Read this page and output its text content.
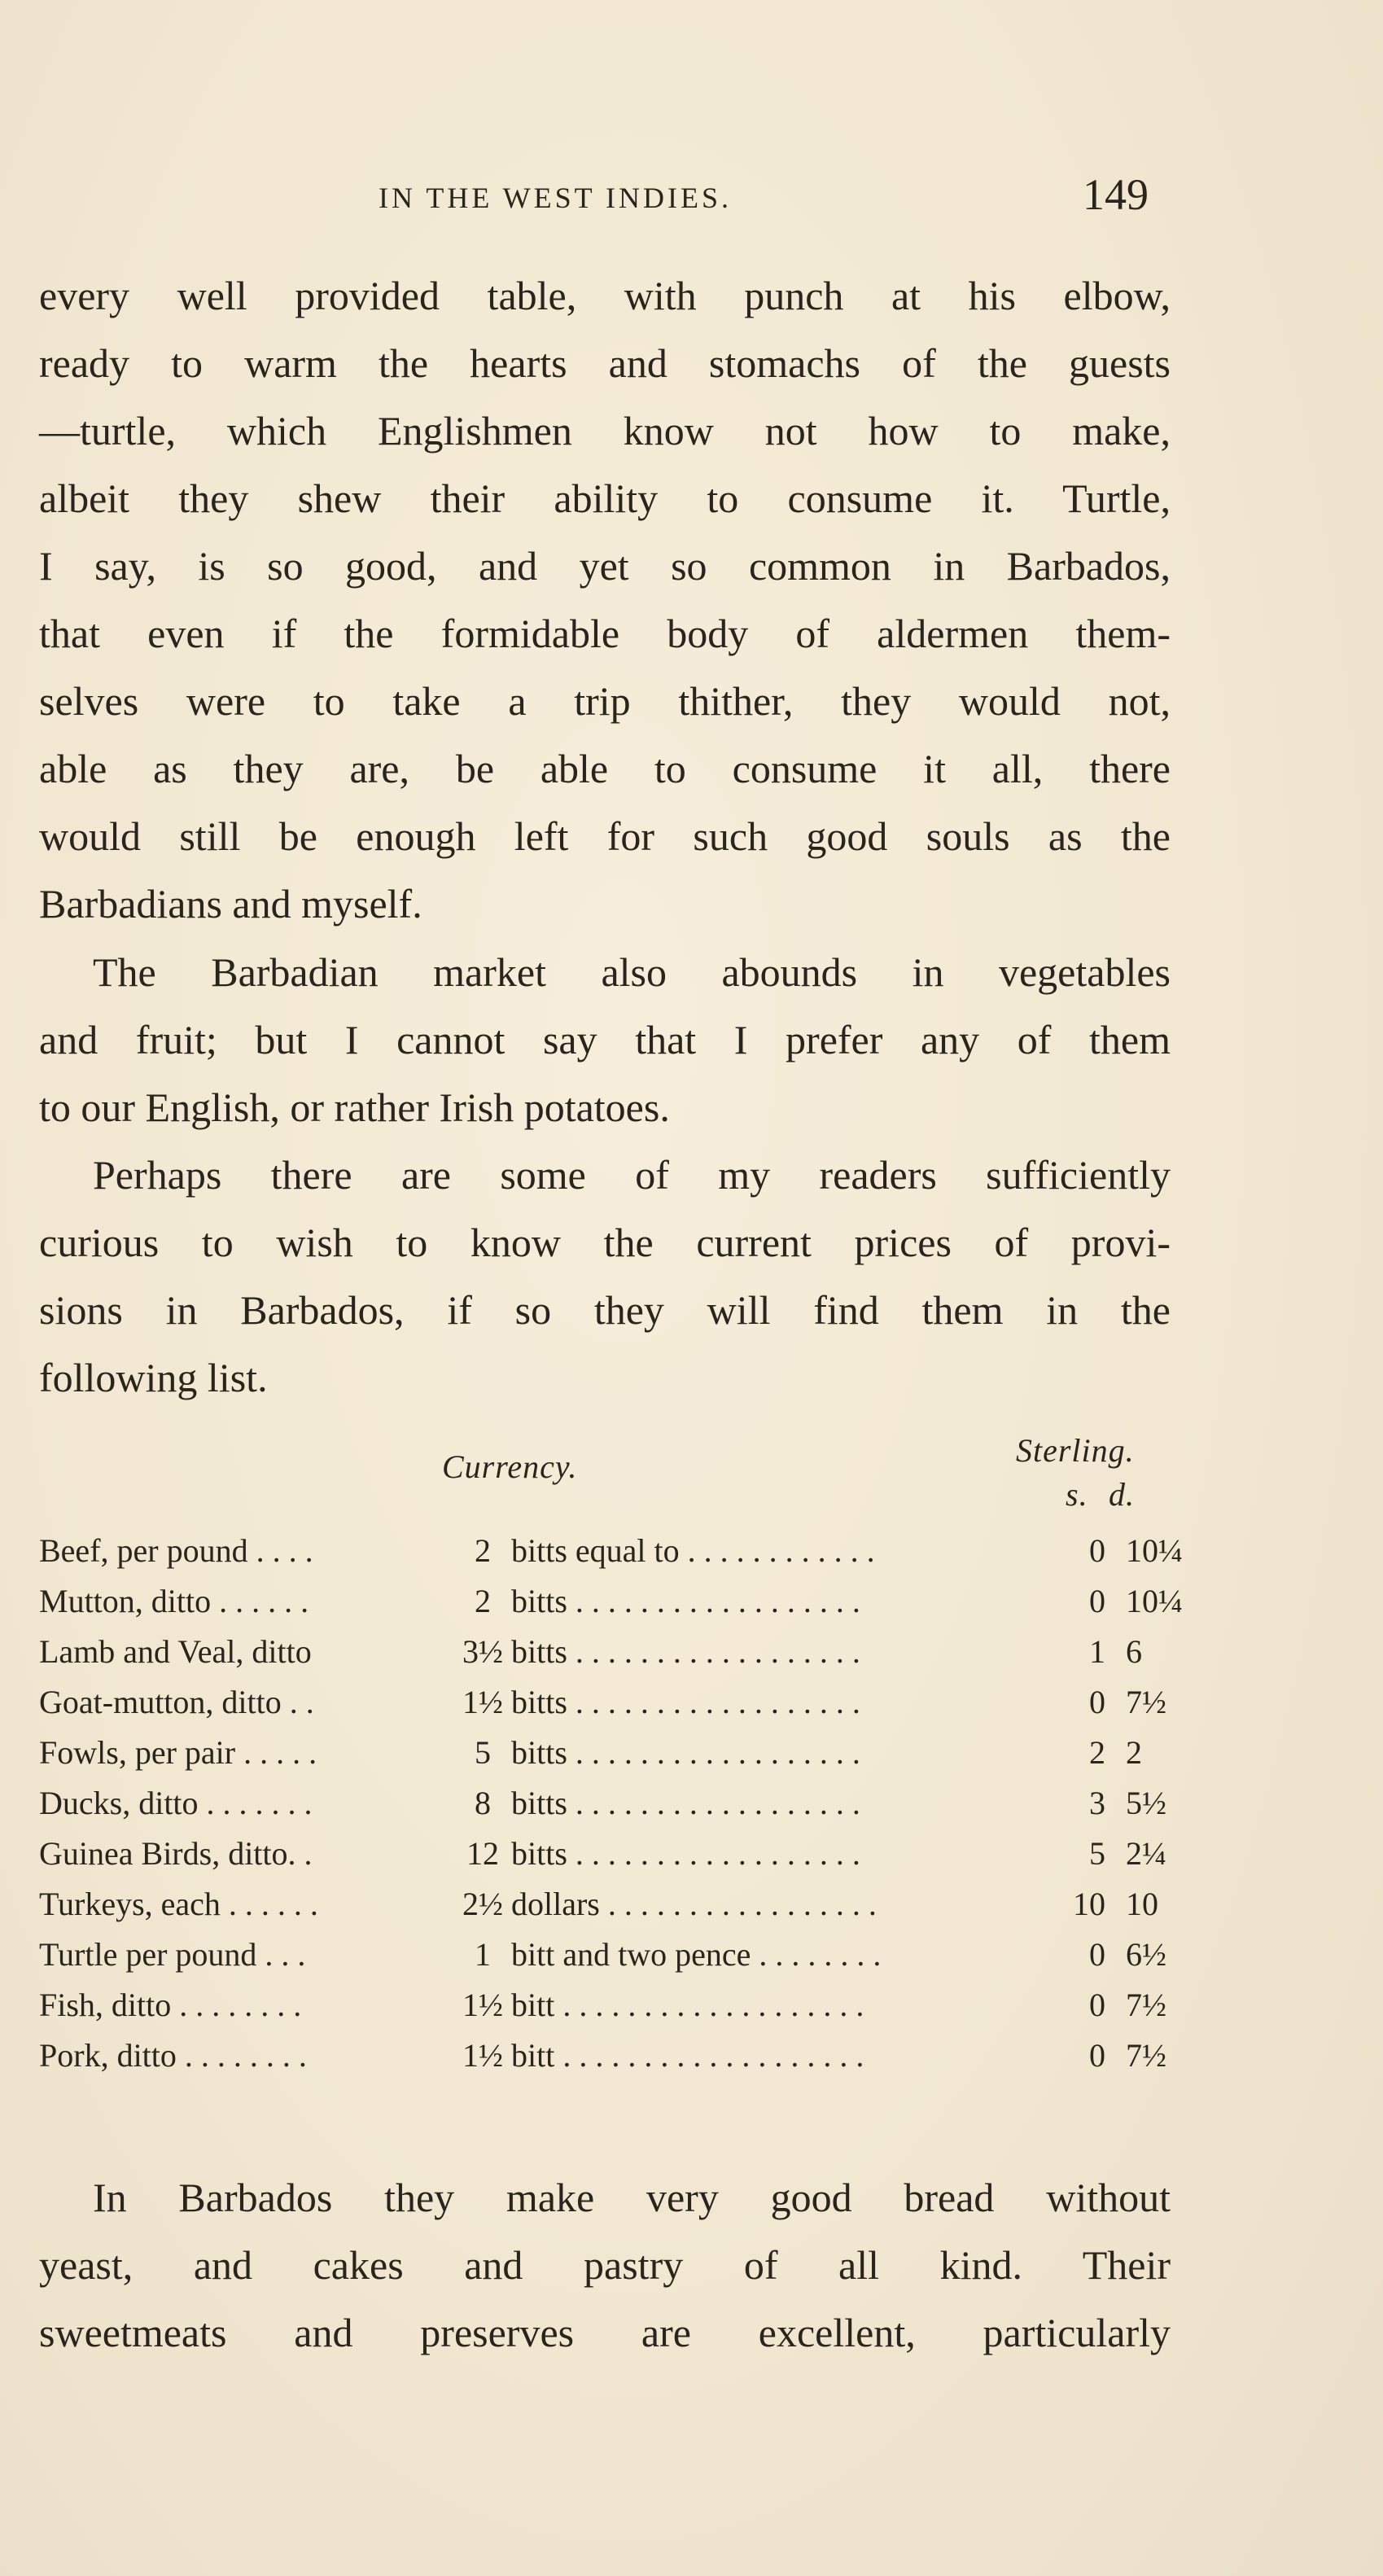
IN THE WEST INDIES.	149
every well provided table, with punch at his elbow,
ready to warm the hearts and stomachs of the guests
—turtle, which Englishmen know not how to make,
albeit they shew their ability to consume it. Turtle,
I say, is so good, and yet so common in Barbados,
that even if the formidable body of aldermen them-
selves were to take a trip thither, they would not,
able as they are, be able to consume it all, there
would still be enough left for such good souls as the
Barbadians and myself.
The Barbadian market also abounds in vegetables
and fruit; but I cannot say that I prefer any of them
to our English, or rather Irish potatoes.
Perhaps there are some of my readers sufficiently
curious to wish to know the current prices of provi-
sions in Barbados, if so they will find them in the
following list.
Currency.	Sterling.
s. d.
Beef, per pound . . . .	2 bitts equal to . . . . . . . . . . . .	0 10¼
Mutton, ditto . . . . . .	2 bitts . . . . . . . . . . . . . . . . . .	0 10¼
Lamb and Veal, ditto	3½ bitts . . . . . . . . . . . . . . . . . .	1 6
Goat-mutton, ditto . .	1½ bitts . . . . . . . . . . . . . . . . . .	0 7½
Fowls, per pair . . . . .	5 bitts . . . . . . . . . . . . . . . . . .	2 2
Ducks, ditto . . . . . . .	8 bitts . . . . . . . . . . . . . . . . . .	3 5½
Guinea Birds, ditto. .	12 bitts . . . . . . . . . . . . . . . . . .	5 2¼
Turkeys, each . . . . . .	2½ dollars . . . . . . . . . . . . . . . . .	10 10
Turtle per pound . . .	1 bitt and two pence . . . . . . . .	0 6½
Fish, ditto . . . . . . . .	1½ bitt . . . . . . . . . . . . . . . . . . .	0 7½
Pork, ditto . . . . . . . .	1½ bitt . . . . . . . . . . . . . . . . . . .	0 7½
In Barbados they make very good bread without
yeast, and cakes and pastry of all kind. Their
sweetmeats and preserves are excellent, particularly
